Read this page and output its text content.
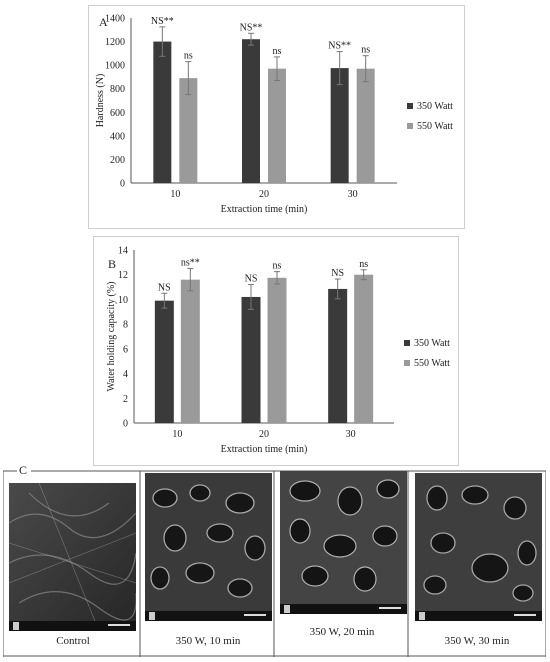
A
0
200
400
600
800
1000
1200
1400
Hardness (N)
10
NS**
ns
20
NS**
ns
30
NS** ns
Extraction time (min)
350 Watt
550 Watt
B
0
2
4
6
8
10
12
14
Water holding capacity (%)
10
NS
ns**
20
NS
ns
30
NS
ns
Extraction time (min)
350 Watt
550 Watt
C
Control	350 W, 10 min
350 W, 20 min
350 W, 30 min
